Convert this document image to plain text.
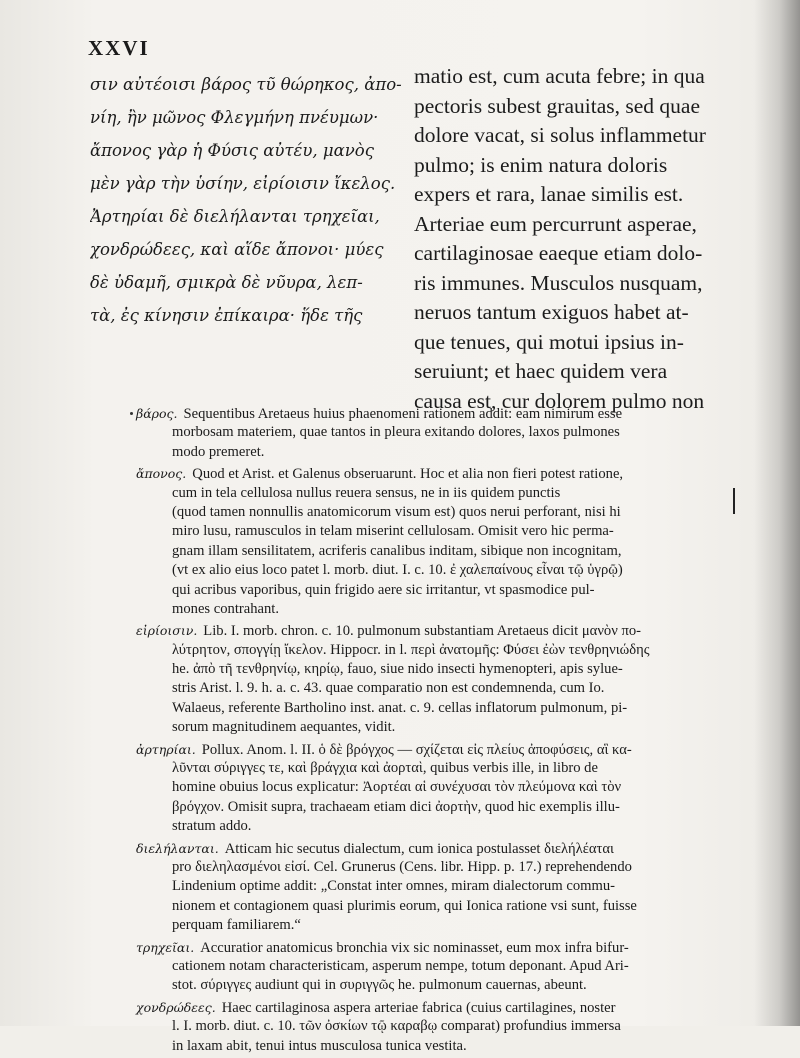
XXVI
σιν αὐτέοισι βάρος τῦ θώρηκος, ἀπο-
νίη, ἢν μῶνος Φλεγμήνη πνέυμων·
ἄπονος γὰρ ἡ Φύσις αὐτέυ, μανὸς
μὲν γὰρ τὴν ὑσίην, εἰρίοισιν ἴκελος.
Ἀρτηρίαι δὲ διελήλανται τρηχεῖαι,
χονδρώδεες, καὶ αἵδε ἄπονοι· μύες
δὲ ὐδαμῆ, σμικρὰ δὲ νῦυρα, λεπ-
τὰ, ἐς κίνησιν ἐπίκαιρα· ἥδε τῆς
matio est, cum acuta febre; in qua
pectoris subest grauitas, sed quae
dolore vacat, si solus inflammetur
pulmo; is enim natura doloris
expers et rara, lanae similis est.
Arteriae eum percurrunt asperae,
cartilaginosae eaeque etiam dolo-
ris immunes. Musculos nusquam,
neruos tantum exiguos habet at-
que tenues, qui motui ipsius in-
seruiunt; et haec quidem vera
causa est, cur dolorem pulmo non
βάρος. Sequentibus Aretaeus huius phaenomeni rationem addit: eam nimirum esse
morbosam materiem, quae tantos in pleura exitando dolores, laxos pulmones
modo premeret.
ἄπονος. Quod et Arist. et Galenus obseruarunt. Hoc et alia non fieri potest ratione,
cum in tela cellulosa nullus reuera sensus, ne in iis quidem punctis
(quod tamen nonnullis anatomicorum visum est) quos nerui perforant, nisi hi
miro lusu, ramusculos in telam miserint cellulosam. Omisit vero hic perma-
gnam illam sensilitatem, acriferis canalibus inditam, sibique non incognitam,
(vt ex alio eius loco patet l. morb. diut. I. c. 10. ἐ χαλεπαίνους εἶναι τῷ ὑγρῷ)
qui acribus vaporibus, quin frigido aere sic irritantur, vt spasmodice pul-
mones contrahant.
εἰρίοισιν. Lib. I. morb. chron. c. 10. pulmonum substantiam Aretaeus dicit μανὸν πο-
λύτρητον, σπογγίῃ ἴκελον. Hippocr. in l. περὶ ἀνατομῆς: Φύσει ἐὼν τενθρηνιώδης
he. ἀπὸ τῆ τενθρηνίῳ, κηρίῳ, fauo, siue nido insecti hymenopteri, apis sylue-
stris Arist. l. 9. h. a. c. 43. quae comparatio non est condemnenda, cum Io.
Walaeus, referente Bartholino inst. anat. c. 9. cellas inflatorum pulmonum, pi-
sorum magnitudinem aequantes, vidit.
ἀρτηρίαι. Pollux. Anom. l. II. ὁ δὲ βρόγχος — σχίζεται εἰς πλείυς ἀποφύσεις, αἳ κα-
λῦνται σύριγγες τε, καὶ βράγχια καὶ ἀορταὶ, quibus verbis ille, in libro de
homine obuius locus explicatur: Ἀορτέαι αἱ συνέχυσαι τὸν πλεύμονα καὶ τὸν
βρόγχον. Omisit supra, trachaeam etiam dici ἀορτὴν, quod hic exemplis illu-
stratum addo.
διελήλανται. Atticam hic secutus dialectum, cum ionica postulasset διελήλέαται
pro διεληλασμένοι εἰσί. Cel. Grunerus (Cens. libr. Hipp. p. 17.) reprehendendo
Lindenium optime addit: „Constat inter omnes, miram dialectorum commu-
nionem et contagionem quasi plurimis eorum, qui Ionica ratione vsi sunt, fuisse
perquam familiarem.“
τρηχεῖαι. Accuratior anatomicus bronchia vix sic nominasset, eum mox infra bifur-
cationem notam characteristicam, asperum nempe, totum deponant. Apud Ari-
stot. σύριγγες audiunt qui in συριγγῶς he. pulmonum cauernas, abeunt.
χονδρώδεες. Haec cartilaginosa aspera arteriae fabrica (cuius cartilagines, noster
l. I. morb. diut. c. 10. τῶν ὀσκίων τῷ καραβῳ comparat) profundius immersa
in laxam abit, tenui intus musculosa tunica vestita.
